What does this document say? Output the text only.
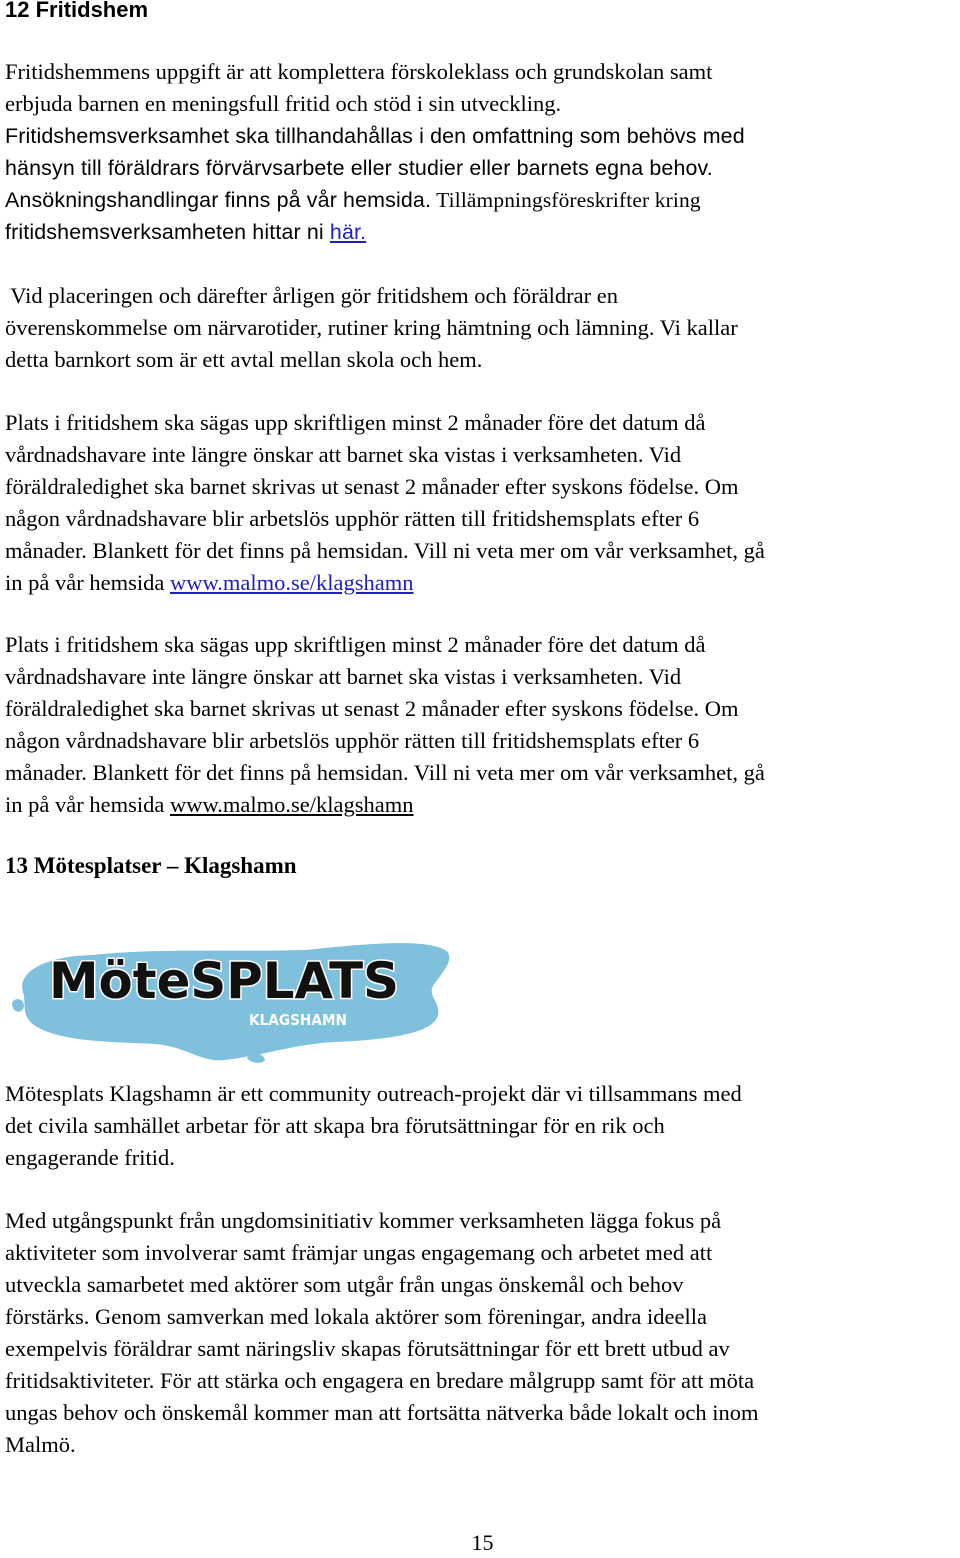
12 Fritidshem

Fritidshemmens uppgift är att komplettera förskoleklass och grundskolan samt

erbjuda barnen en meningsfull fritid och stöd i sin utveckling.

Fritidshemsverksamhet ska tillhandahållas i den omfattning som behövs med

hänsyn till föräldrars förvärvsarbete eller studier eller barnets egna behov.

Ansökningshandlingar finns på vår hemsida. Tillämpningsföreskrifter kring

fritidshemsverksamheten hittar ni här.

Vid placeringen och därefter årligen gör fritidshem och föräldrar en

överenskommelse om närvarotider, rutiner kring hämtning och lämning. Vi kallar

detta barnkort som är ett avtal mellan skola och hem.

Plats i fritidshem ska sägas upp skriftligen minst 2 månader före det datum då

vårdnadshavare inte längre önskar att barnet ska vistas i verksamheten. Vid

föräldraledighet ska barnet skrivas ut senast 2 månader efter syskons födelse. Om

någon vårdnadshavare blir arbetslös upphör rätten till fritidshemsplats efter 6

månader. Blankett för det finns på hemsidan. Vill ni veta mer om vår verksamhet, gå

in på vår hemsida www.malmo.se/klagshamn

Plats i fritidshem ska sägas upp skriftligen minst 2 månader före det datum då

vårdnadshavare inte längre önskar att barnet ska vistas i verksamheten. Vid

föräldraledighet ska barnet skrivas ut senast 2 månader efter syskons födelse. Om

någon vårdnadshavare blir arbetslös upphör rätten till fritidshemsplats efter 6

månader. Blankett för det finns på hemsidan. Vill ni veta mer om vår verksamhet, gå

in på vår hemsida www.malmo.se/klagshamn

13 Mötesplatser – Klagshamn
MöteSPLATS
KLAGSHAMN

Mötesplats Klagshamn är ett community outreach-projekt där vi tillsammans med

det civila samhället arbetar för att skapa bra förutsättningar för en rik och

engagerande fritid.

Med utgångspunkt från ungdomsinitiativ kommer verksamheten lägga fokus på

aktiviteter som involverar samt främjar ungas engagemang och arbetet med att

utveckla samarbetet med aktörer som utgår från ungas önskemål och behov

förstärks. Genom samverkan med lokala aktörer som föreningar, andra ideella

exempelvis föräldrar samt näringsliv skapas förutsättningar för ett brett utbud av

fritidsaktiviteter. För att stärka och engagera en bredare målgrupp samt för att möta

ungas behov och önskemål kommer man att fortsätta nätverka både lokalt och inom

Malmö.

15
